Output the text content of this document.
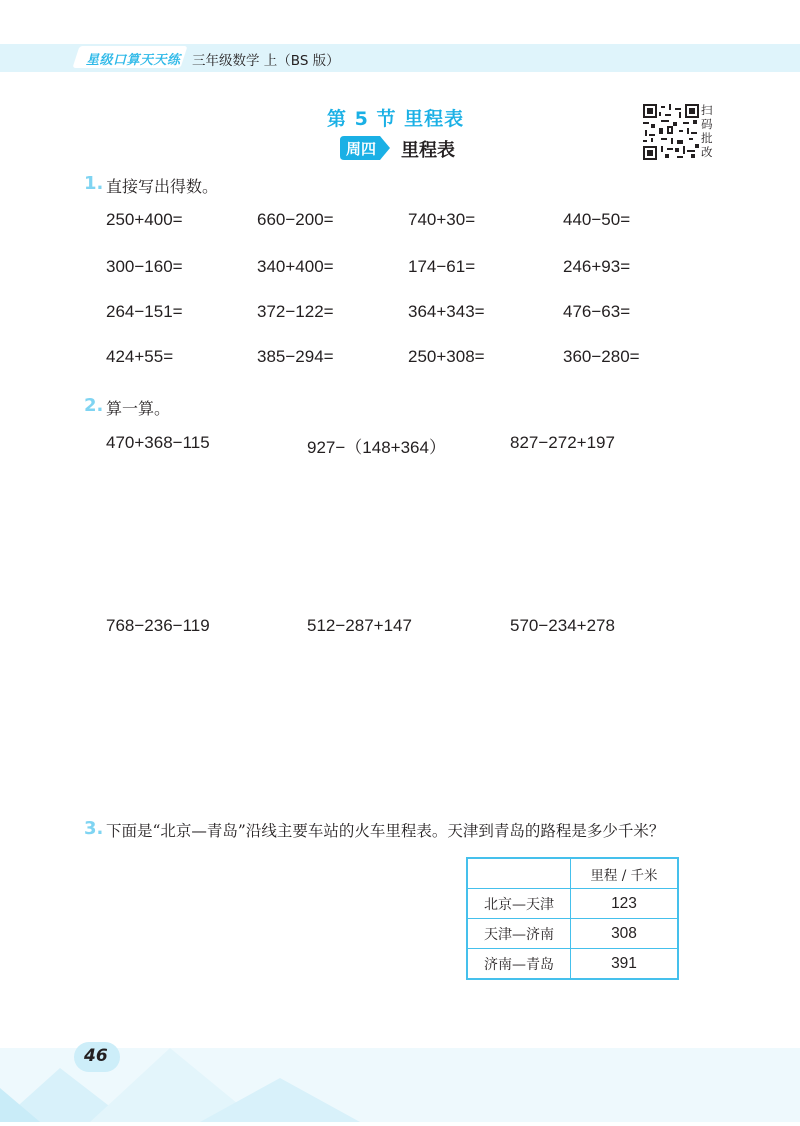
星级口算天天练 三年级数学 上（BS 版）
第 5 节 里程表
周四 里程表
扫码批改
1. 直接写出得数。
250+400=	660−200=	740+30=	440−50=
300−160=	340+400=	174−61=	246+93=
264−151=	372−122=	364+343=	476−63=
424+55=	385−294=	250+308=	360−280=
2. 算一算。
470+368−115	927−（148+364）	827−272+197
768−236−119	512−287+147	570−234+278
3. 下面是“北京—青岛”沿线主要车站的火车里程表。天津到青岛的路程是多少千米？
	里程 / 千米
北京—天津	123
天津—济南	308
济南—青岛	391
46
